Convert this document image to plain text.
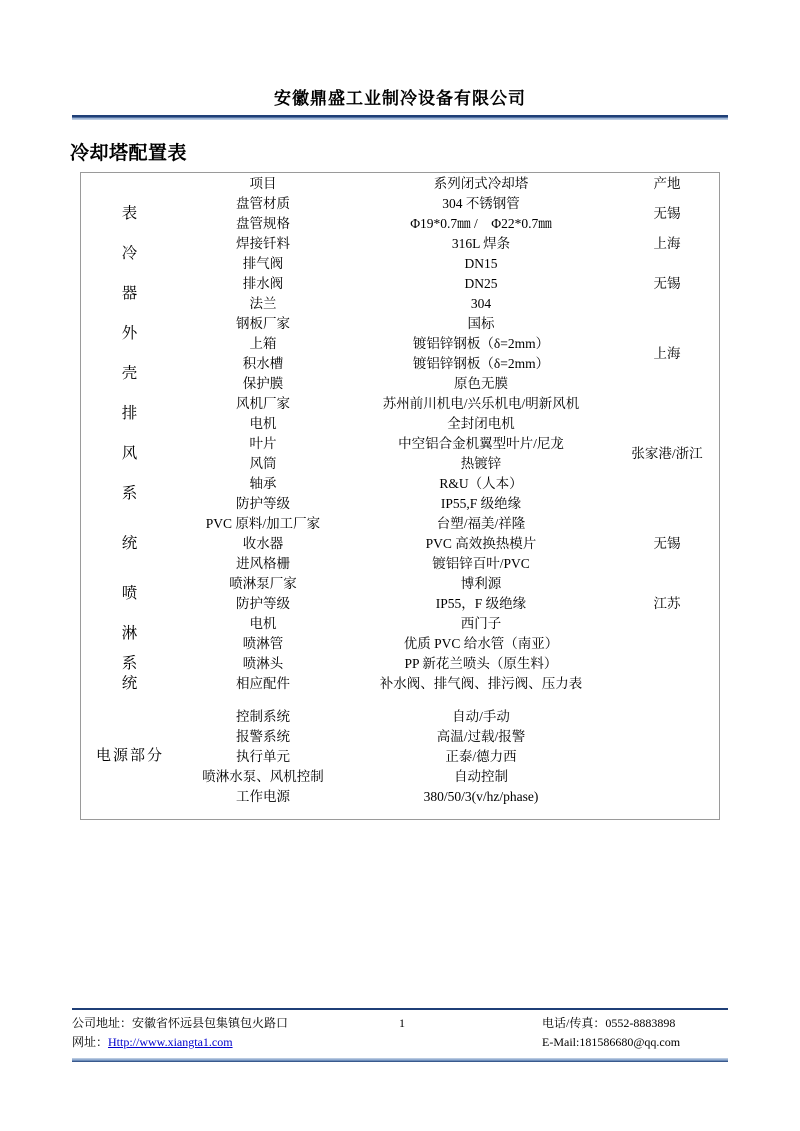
安徽鼎盛工业制冷设备有限公司
冷却塔配置表
	项目	系列闭式冷却塔	产地
表	盘管材质	304 不锈钢管	无锡
	盘管规格	Φ19*0.7㎜ /　Φ22*0.7㎜	
冷	焊接钎料	316L 焊条	上海
	排气阀	DN15	
器	排水阀	DN25	无锡
	法兰	304	
外	钢板厂家	国标	
	上箱	镀铝锌钢板（δ=2mm）	上海
壳	积水槽	镀铝锌钢板（δ=2mm）	
	保护膜	原色无膜	
排	风机厂家	苏州前川机电/兴乐机电/明新风机	
	电机	全封闭电机	
风	叶片	中空铝合金机翼型叶片/尼龙	张家港/浙江
	风筒	热镀锌	
系	轴承	R&U（人本）	
	防护等级	IP55,F 级绝缘	
统	PVC 原料/加工厂家	台塑/福美/祥隆	
	收水器	PVC 高效换热模片	无锡
	进风格栅	镀铝锌百叶/PVC	
喷	喷淋泵厂家	博利源	
	防护等级	IP55，F 级绝缘	江苏
淋	电机	西门子	
	喷淋管	优质 PVC 给水管（南亚）	
系	喷淋头	PP 新花兰喷头（原生料）	
统	相应配件	补水阀、排气阀、排污阀、压力表	

电源部分	控制系统	自动/手动	
	报警系统	高温/过载/报警	
	执行单元	正泰/德力西	
	喷淋水泵、风机控制	自动控制	
	工作电源	380/50/3(v/hz/phase)	

公司地址：安徽省怀远县包集镇包火路口	1	电话/传真：0552-8883898
网址：Http://www.xiangta1.com	E-Mail:181586680@qq.com
